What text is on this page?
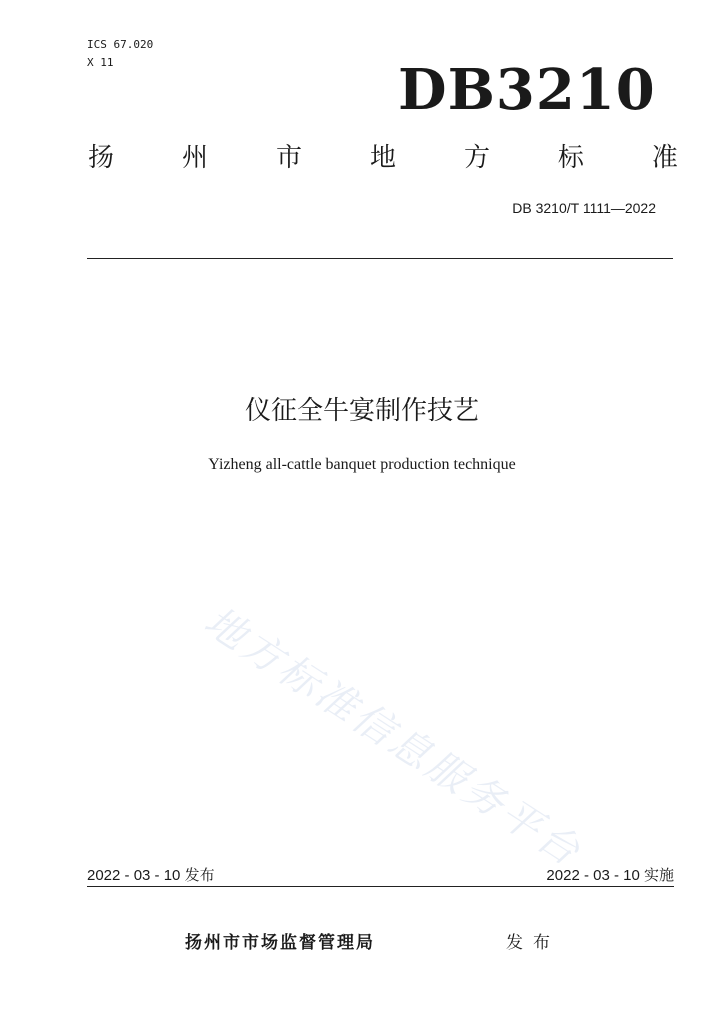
ICS 67.020
X 11	DB3210
扬	州	市	地	方	标	准
DB 3210/T 1111—2022
仪征全牛宴制作技艺
Yizheng all-cattle banquet production technique
地方标准信息服务平台
2022 - 03 - 10 发布	2022 - 03 - 10 实施
扬州市市场监督管理局	发布
